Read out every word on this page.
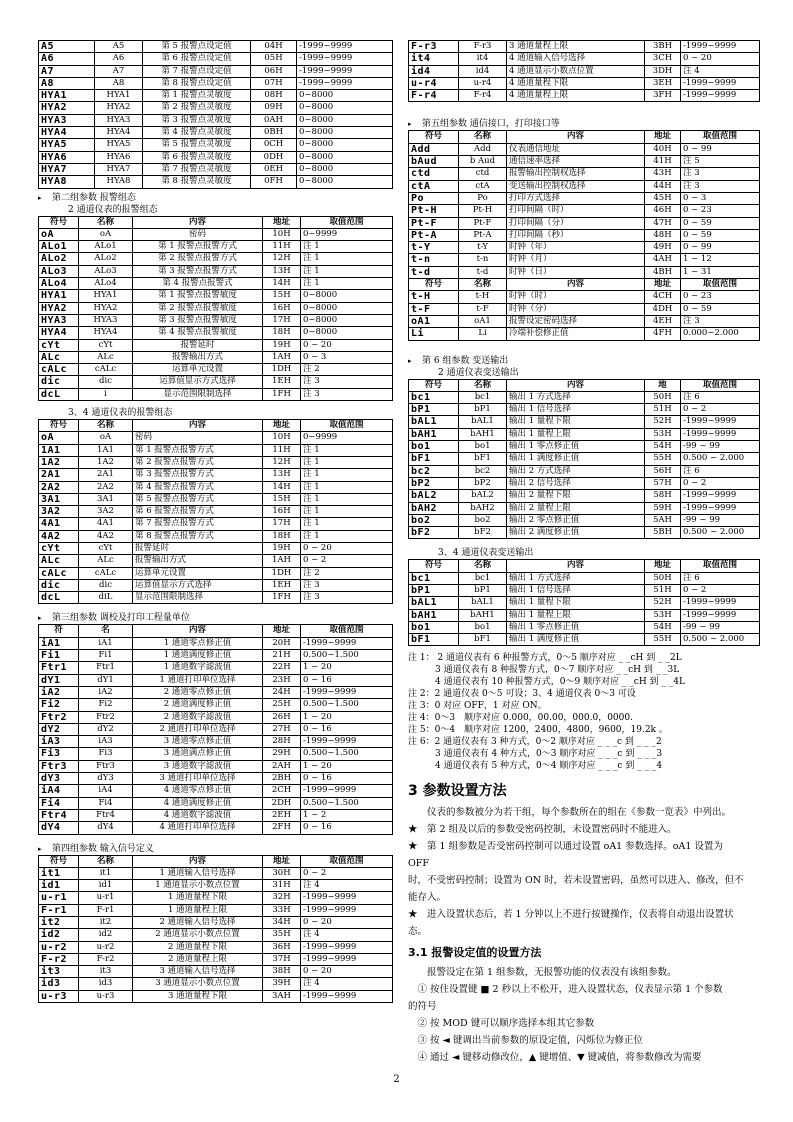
A5	A5	第 5 报警点设定值	04H	-1999~9999
A6	A6	第 6 报警点设定值	05H	-1999~9999
A7	A7	第 7 报警点设定值	06H	-1999~9999
A8	A8	第 8 报警点设定值	07H	-1999~9999
HYA1	HYA1	第 1 报警点灵敏度	08H	0~8000
HYA2	HYA2	第 2 报警点灵敏度	09H	0~8000
HYA3	HYA3	第 3 报警点灵敏度	0AH	0~8000
HYA4	HYA4	第 4 报警点灵敏度	0BH	0~8000
HYA5	HYA5	第 5 报警点灵敏度	0CH	0~8000
HYA6	HYA6	第 6 报警点灵敏度	0DH	0~8000
HYA7	HYA7	第 7 报警点灵敏度	0EH	0~8000
HYA8	HYA8	第 8 报警点灵敏度	0FH	0~8000
▸ 第二组参数 报警组态
2 通道仪表的报警组态
符号	名称	内容	地址	取值范围
oA	oA	密码	10H	0~9999
ALo1	ALo1	第 1 报警点报警方式	11H	注 1
ALo2	ALo2	第 2 报警点报警方式	12H	注 1
ALo3	ALo3	第 3 报警点报警方式	13H	注 1
ALo4	ALo4	第 4 报警点报警式	14H	注 1
HYA1	HYA1	第 1 报警点报警敏度	15H	0~8000
HYA2	HYA2	第 2 报警点报警敏度	16H	0~8000
HYA3	HYA3	第 3 报警点报警敏度	17H	0~8000
HYA4	HYA4	第 4 报警点报警敏度	18H	0~8000
cYt	cYt	报警延时	19H	0 ~ 20
ALc	ALc	报警输出方式	1AH	0 ~ 3
cALc	cALc	运算单元设置	1DH	注 2
dic	dic	运算值显示方式选择	1EH	注 3
dcL	i	显示范围限制选择	1FH	注 3
3、4 通道仪表的报警组态
符号	名称	内容	地址	取值范围
oA	oA	密码	10H	0~9999
1A1	1A1	第 1 报警点报警方式	11H	注 1
1A2	1A2	第 2 报警点报警方式	12H	注 1
2A1	2A1	第 3 报警点报警方式	13H	注 1
2A2	2A2	第 4 报警点报警方式	14H	注 1
3A1	3A1	第 5 报警点报警方式	15H	注 1
3A2	3A2	第 6 报警点报警方式	16H	注 1
4A1	4A1	第 7 报警点报警方式	17H	注 1
4A2	4A2	第 8 报警点报警方式	18H	注 1
cYt	cYt	报警延时	19H	0 ~ 20
ALc	ALc	报警输出方式	1AH	0 ~ 2
cALc	cALc	运算单元设置	1DH	注 2
dic	dic	运算值显示方式选择	1EH	注 3
dcL	diL	显示范围限制选择	1FH	注 3
▸ 第三组参数 调校及打印工程量单位
符	名	内容	地址	取值范围
iA1	iA1	1 通道零点修正值	20H	-1999~9999
Fi1	Fi1	1 通道满度修正值	21H	0.500~1.500
Ftr1	Ftr1	1 通道数字滤波值	22H	1 ~ 20
dY1	dY1	1 通道打印单位选择	23H	0 ~ 16
iA2	iA2	2 通道零点修正值	24H	-1999~9999
Fi2	Fi2	2 通道满度修正值	25H	0.500~1.500
Ftr2	Ftr2	2 通道数字滤波值	26H	1 ~ 20
dY2	dY2	2 通道打印单位选择	27H	0 ~ 16
iA3	iA3	3 通道零点修正值	28H	-1999~9999
Fi3	Fi3	3 通道满点修正值	29H	0.500~1.500
Ftr3	Ftr3	3 通道数字滤波值	2AH	1 ~ 20
dY3	dY3	3 通道打印单位选择	2BH	0 ~ 16
iA4	iA4	4 通道零点修正值	2CH	-1999~9999
Fi4	Fi4	4 通道满度修正值	2DH	0.500~1.500
Ftr4	Ftr4	4 通道数字滤波值	2EH	1 ~ 2
dY4	dY4	4 通道打印单位选择	2FH	0 ~ 16
▸ 第四组参数 输入信号定义
符号	名称	内容	地址	取值范围
it1	it1	1 通道输入信号选择	30H	0 ~ 2
id1	id1	1 通道显示小数点位置	31H	注 4
u-r1	u-r1	1 通道量程下限	32H	-1999~9999
F-r1	F-r1	1 通道量程上限	33H	-1999~9999
it2	it2	2 通道输入信号选择	34H	0 ~ 20
id2	id2	2 通道显示小数点位置	35H	注 4
u-r2	u-r2	2 通道量程下限	36H	-1999~9999
F-r2	F-r2	2 通道量程上限	37H	-1999~9999
it3	it3	3 通道输入信号选择	38H	0 ~ 20
id3	id3	3 通道显示小数点位置	39H	注 4
u-r3	u-r3	3 通道量程下限	3AH	-1999~9999
F-r3	F-r3	3 通道量程上限	3BH	-1999~9999
it4	it4	4 通道输入信号选择	3CH	0 ~ 20
id4	id4	4 通道显示小数点位置	3DH	注 4
u-r4	u-r4	4 通道量程下限	3EH	-1999~9999
F-r4	F-r4	4 通道量程上限	3FH	-1999~9999
▸ 第五组参数 通信接口，打印接口等
符号	名称	内容	地址	取值范围
Add	Add	仪表通信地址	40H	0 ~ 99
bAud	b Aud	通信速率选择	41H	注 5
ctd	ctd	报警输出控制权选择	43H	注 3
ctA	ctA	变送输出控制权选择	44H	注 3
Po	Po	打印方式选择	45H	0 ~ 3
Pt-H	Pt-H	打印间隔（时）	46H	0 ~ 23
Pt-F	Pt-F	打印间隔（分）	47H	0 ~ 59
Pt-A	Pt-A	打印间隔（秒）	48H	0 ~ 59
t-Y	t-Y	时钟（年）	49H	0 ~ 99
t-n	t-n	时钟（月）	4AH	1 ~ 12
t-d	t-d	时钟（日）	4BH	1 ~ 31
符号	名称	内容	地址	取值范围
t-H	t-H	时钟（时）	4CH	0 ~ 23
t-F	t-F	时钟（分）	4DH	0 ~ 59
oA1	oA1	报警设定密码选择	4EH	注 3
Li	Li	冷端补偿修正值	4FH	0.000~2.000
▸ 第 6 组参数 变送输出
2 通道仪表变送输出
符号	名称	内容	地	取值范围
bc1	bc1	输出 1 方式选择	50H	注 6
bP1	bP1	输出 1 信号选择	51H	0 ~ 2
bAL1	bAL1	输出 1 量程下限	52H	-1999~9999
bAH1	bAH1	输出 1 量程上限	53H	-1999~9999
bo1	bo1	输出 1 零点修正值	54H	-99 ~ 99
bF1	bF1	输出 1 满度修正值	55H	0.500 ~ 2.000
bc2	bc2	输出 2 方式选择	56H	注 6
bP2	bP2	输出 2 信号选择	57H	0 ~ 2
bAL2	bAL2	输出 2 量程下限	58H	-1999~9999
bAH2	bAH2	输出 2 量程上限	59H	-1999~9999
bo2	bo2	输出 2 零点修正值	5AH	-99 ~ 99
bF2	bF2	输出 2 满度修正值	5BH	0.500 ~ 2.000
3、4 通道仪表变送输出
符号	名称	内容	地址	取值范围
bc1	bc1	输出 1 方式选择	50H	注 6
bP1	bP1	输出 1 信号选择	51H	0 ~ 2
bAL1	bAL1	输出 1 量程下限	52H	-1999~9999
bAH1	bAH1	输出 1 量程上限	53H	-1999~9999
bo1	bo1	输出 1 零点修正值	54H	-99 ~ 99
bF1	bF1	输出 1 满度修正值	55H	0.500 ~ 2.000
注 1： 2 通道仪表有 6 种报警方式，0～5 顺序对应 _ _cH 到 _ _2L
　　　3 通道仪表有 8 种报警方式，0～7 顺序对应 _ _cH 到 _ _3L
　　　4 通道仪表有 10 种报警方式，0～9 顺序对应 _ _cH 到 _ _4L
注 2：2 通道仪表 0～5 可设；3、4 通道仪表 0～3 可设
注 3：0 对应 OFF，1 对应 ON。
注 4：0～3　顺序对应 0.000，00.00，000.0，0000.
注 5：0～4　顺序对应 1200，2400，4800，9600，19.2k 。
注 6：2 通道仪表有 3 种方式，0～2 顺序对应 _ _ _c 到 _ _ _2
　　　3 通道仪表有 4 种方式，0～3 顺序对应 _ _ _c 到 _ _ _3
　　　4 通道仪表有 5 种方式，0～4 顺序对应 _ _ _c 到 _ _ _4
3 参数设置方法
　　仪表的参数被分为若干组，每个参数所在的组在《参数一览表》中列出。
★　第 2 组及以后的参数受密码控制，未设置密码时不能进入。
★　第 1 组参数是否受密码控制可以通过设置 oA1 参数选择。oA1 设置为
OFF
时，不受密码控制；设置为 ON 时，若未设置密码，虽然可以进入、修改，但不
能存入。
★　进入设置状态后，若 1 分钟以上不进行按键操作，仪表将自动退出设置状
态。
3.1 报警设定值的设置方法
　　报警设定在第 1 组参数，无报警功能的仪表没有该组参数。
　① 按住设置键 ■ 2 秒以上不松开，进入设置状态，仪表显示第 1 个参数
的符号
　② 按 MOD 键可以顺序选择本组其它参数
　③ 按 ◄ 键调出当前参数的原设定值，闪烁位为修正位
　④ 通过 ◄ 键移动修改位，▲ 键增值、▼ 键减值，将参数修改为需要
2
